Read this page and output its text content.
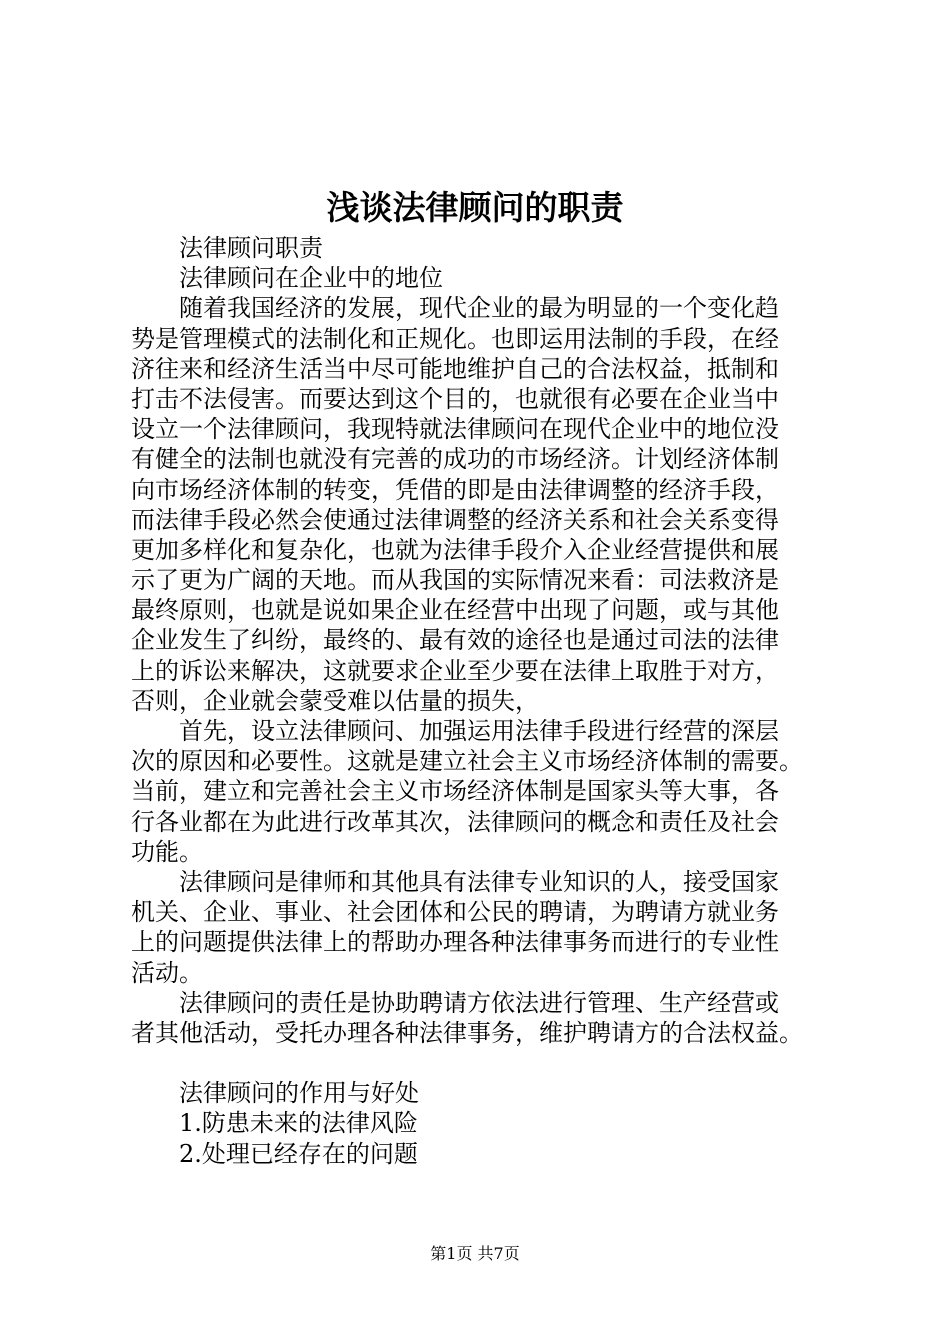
浅谈法律顾问的职责
法律顾问职责
法律顾问在企业中的地位
随着我国经济的发展，现代企业的最为明显的一个变化趋
势是管理模式的法制化和正规化。也即运用法制的手段，在经
济往来和经济生活当中尽可能地维护自己的合法权益，抵制和
打击不法侵害。而要达到这个目的，也就很有必要在企业当中
设立一个法律顾问，我现特就法律顾问在现代企业中的地位没
有健全的法制也就没有完善的成功的市场经济。计划经济体制
向市场经济体制的转变，凭借的即是由法律调整的经济手段，
而法律手段必然会使通过法律调整的经济关系和社会关系变得
更加多样化和复杂化，也就为法律手段介入企业经营提供和展
示了更为广阔的天地。而从我国的实际情况来看：司法救济是
最终原则，也就是说如果企业在经营中出现了问题，或与其他
企业发生了纠纷，最终的、最有效的途径也是通过司法的法律
上的诉讼来解决，这就要求企业至少要在法律上取胜于对方，
否则，企业就会蒙受难以估量的损失，
首先，设立法律顾问、加强运用法律手段进行经营的深层
次的原因和必要性。这就是建立社会主义市场经济体制的需要。
当前，建立和完善社会主义市场经济体制是国家头等大事，各
行各业都在为此进行改革其次，法律顾问的概念和责任及社会
功能。
法律顾问是律师和其他具有法律专业知识的人，接受国家
机关、企业、事业、社会团体和公民的聘请，为聘请方就业务
上的问题提供法律上的帮助办理各种法律事务而进行的专业性
活动。
法律顾问的责任是协助聘请方依法进行管理、生产经营或
者其他活动，受托办理各种法律事务，维护聘请方的合法权益。
法律顾问的作用与好处
1.防患未来的法律风险
2.处理已经存在的问题
第1页 共7页
